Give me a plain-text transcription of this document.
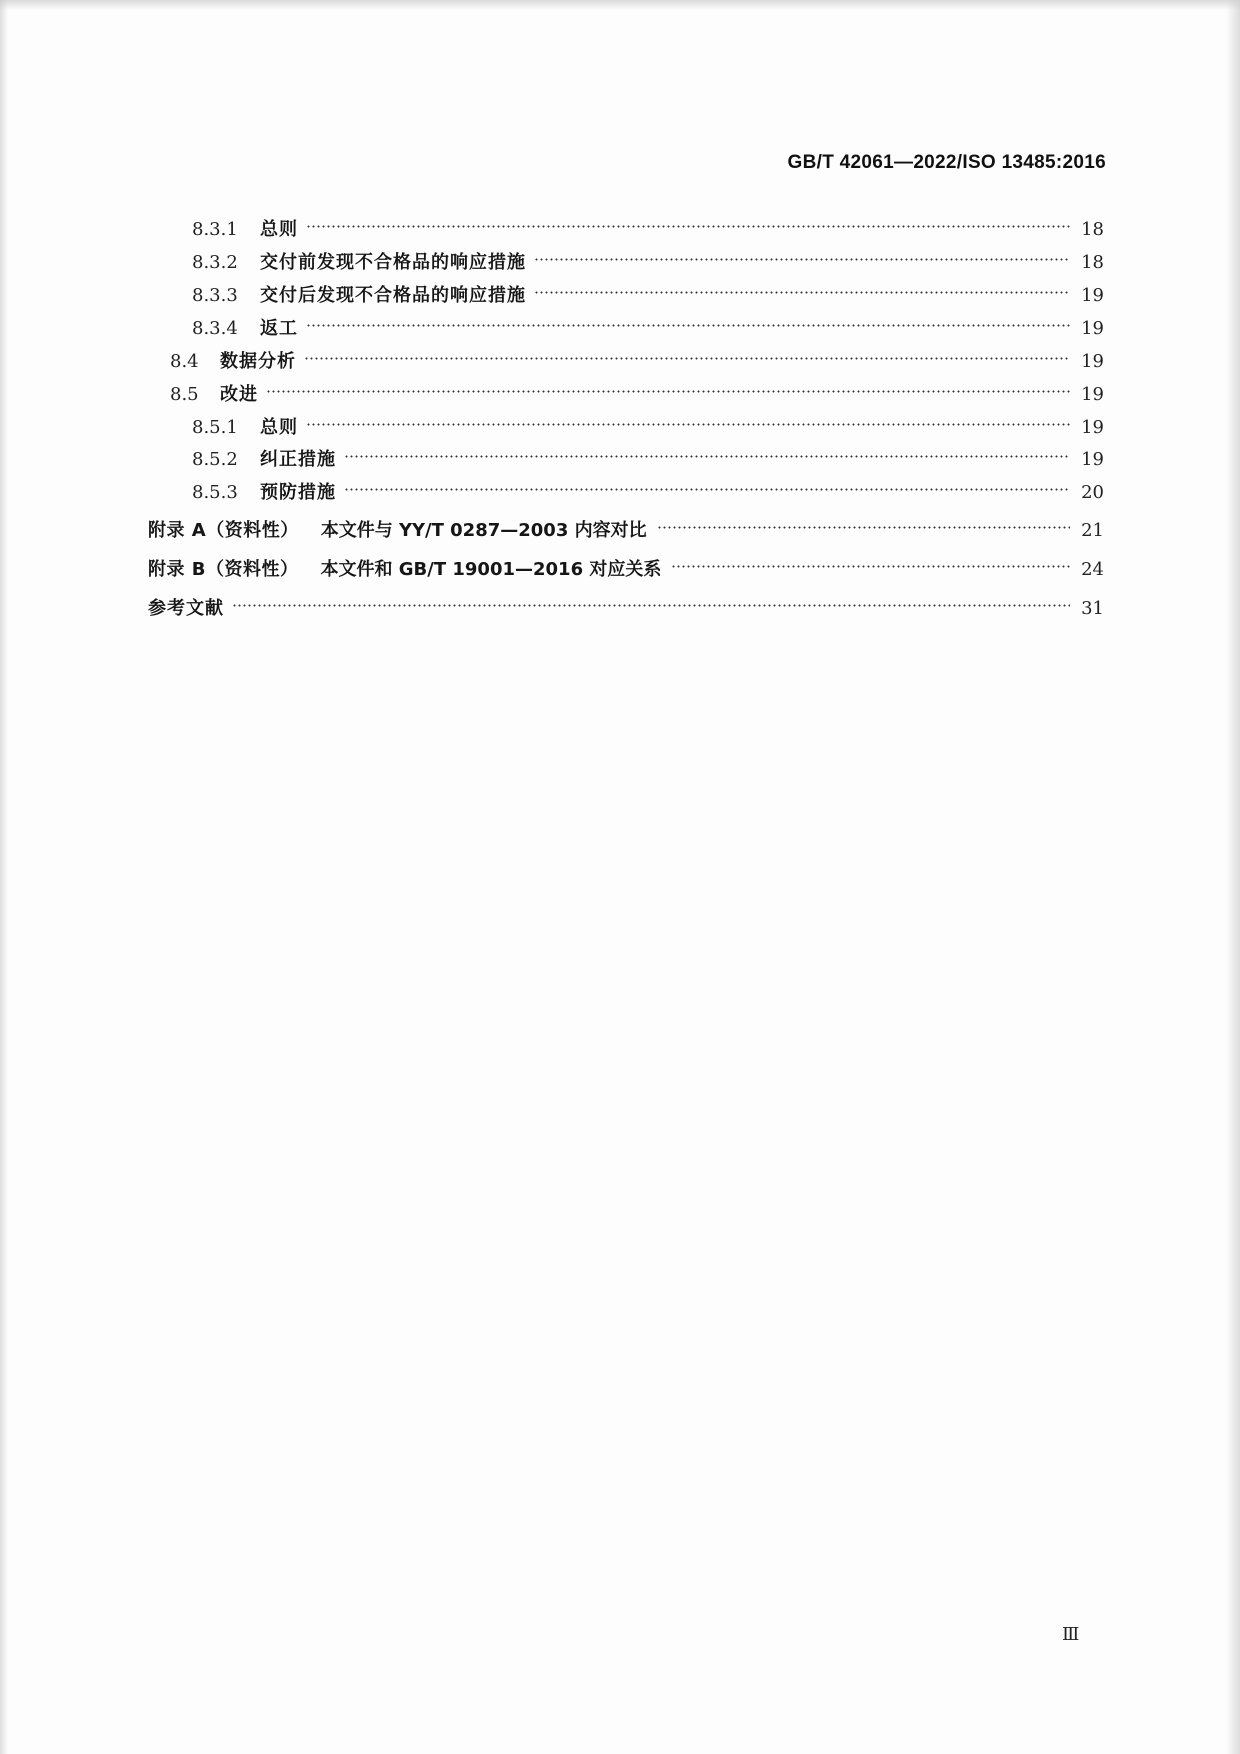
GB/T 42061—2022/ISO 13485:2016
8.3.1	总则	18
8.3.2	交付前发现不合格品的响应措施	18
8.3.3	交付后发现不合格品的响应措施	19
8.3.4	返工	19
8.4	数据分析	19
8.5	改进	19
8.5.1	总则	19
8.5.2	纠正措施	19
8.5.3	预防措施	20
附录 A（资料性）	本文件与 YY/T 0287—2003 内容对比	21
附录 B（资料性）	本文件和 GB/T 19001—2016 对应关系	24
参考文献	31
Ⅲ
